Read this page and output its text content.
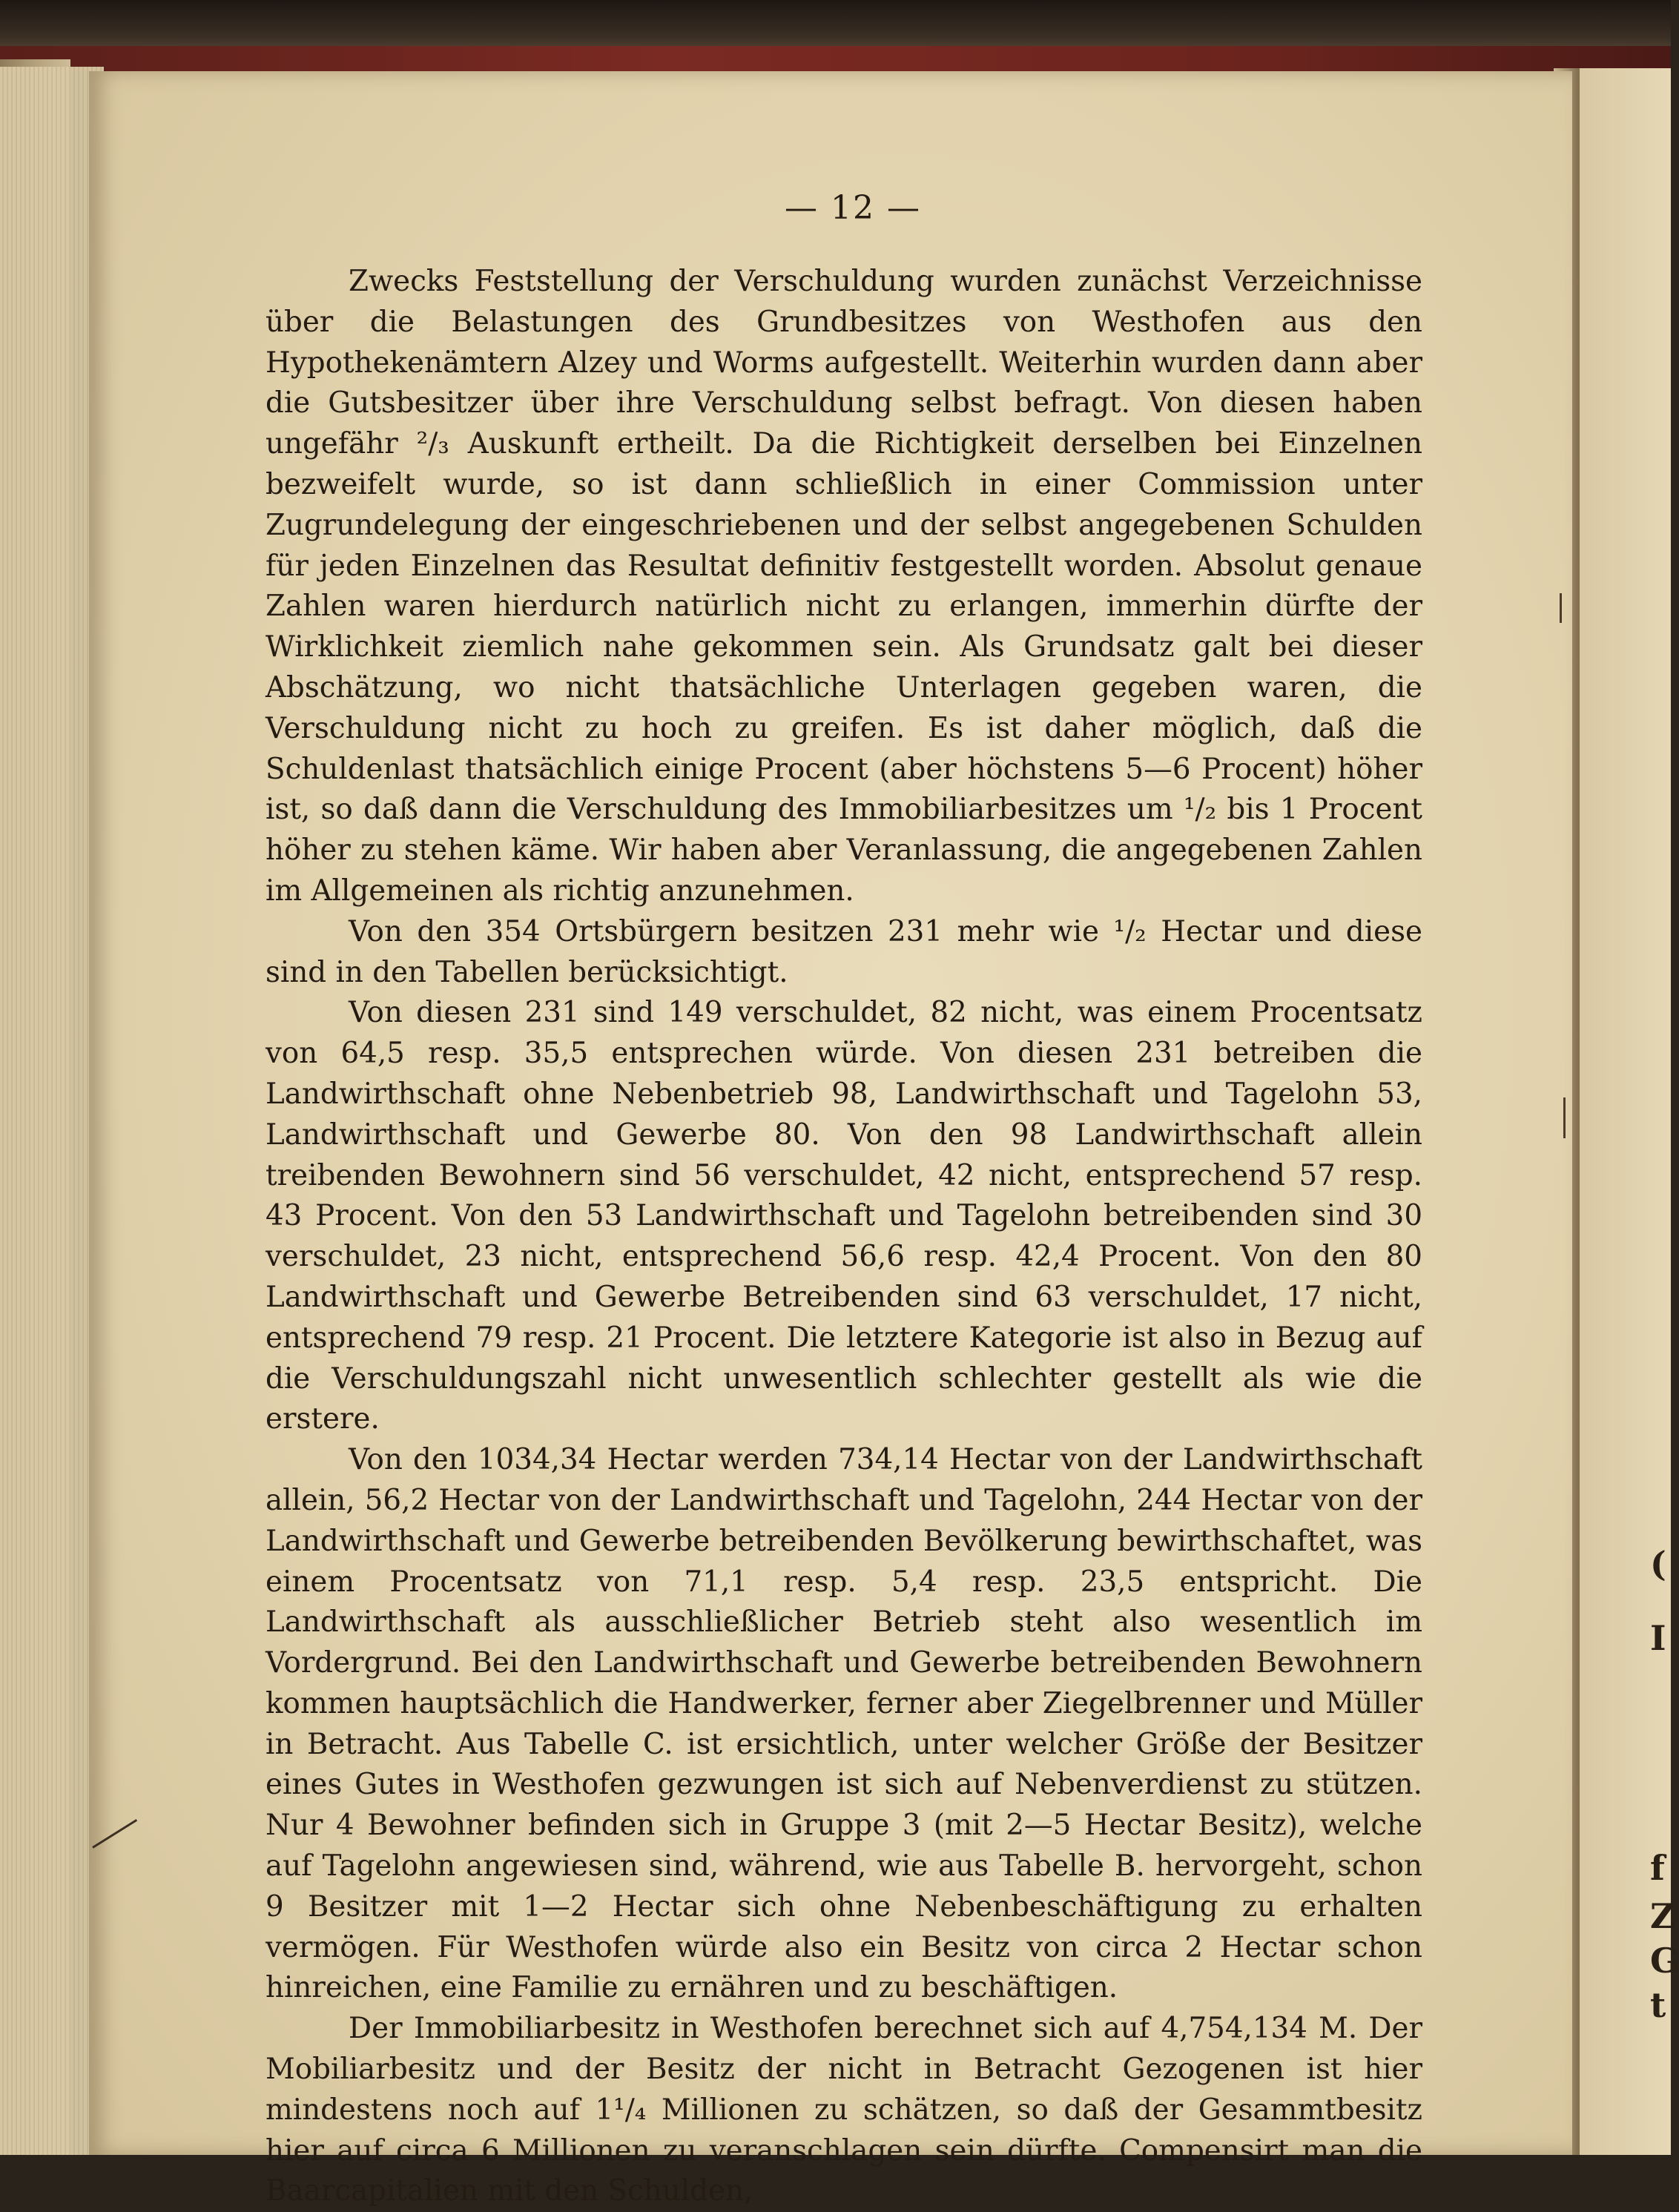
(
I
f
Z
G
t
— 12 —

Zwecks Feststellung der Verschuldung wurden zunächst Verzeichnisse über die Belastungen des Grundbesitzes von Westhofen aus den Hypothekenämtern Alzey und Worms aufgestellt. Weiterhin wurden dann aber die Gutsbesitzer über ihre Verschuldung selbst befragt. Von diesen haben ungefähr ²/₃ Auskunft ertheilt. Da die Richtigkeit derselben bei Einzelnen bezweifelt wurde, so ist dann schließlich in einer Commission unter Zugrundelegung der eingeschriebenen und der selbst angegebenen Schulden für jeden Einzelnen das Resultat definitiv festgestellt worden. Absolut genaue Zahlen waren hierdurch natürlich nicht zu erlangen, immerhin dürfte der Wirklichkeit ziemlich nahe gekommen sein. Als Grundsatz galt bei dieser Abschätzung, wo nicht thatsächliche Unterlagen gegeben waren, die Verschuldung nicht zu hoch zu greifen. Es ist daher möglich, daß die Schuldenlast thatsächlich einige Procent (aber höchstens 5—6 Procent) höher ist, so daß dann die Verschuldung des Immobiliarbesitzes um ¹/₂ bis 1 Procent höher zu stehen käme. Wir haben aber Veranlassung, die angegebenen Zahlen im Allgemeinen als richtig anzunehmen.

Von den 354 Ortsbürgern besitzen 231 mehr wie ¹/₂ Hectar und diese sind in den Tabellen berücksichtigt.

Von diesen 231 sind 149 verschuldet, 82 nicht, was einem Procentsatz von 64,5 resp. 35,5 entsprechen würde. Von diesen 231 betreiben die Landwirthschaft ohne Nebenbetrieb 98, Landwirthschaft und Tagelohn 53, Landwirthschaft und Gewerbe 80. Von den 98 Landwirthschaft allein treibenden Bewohnern sind 56 verschuldet, 42 nicht, entsprechend 57 resp. 43 Procent. Von den 53 Landwirthschaft und Tagelohn betreibenden sind 30 verschuldet, 23 nicht, entsprechend 56,6 resp. 42,4 Procent. Von den 80 Landwirthschaft und Gewerbe Betreibenden sind 63 verschuldet, 17 nicht, entsprechend 79 resp. 21 Procent. Die letztere Kategorie ist also in Bezug auf die Verschuldungszahl nicht unwesentlich schlechter gestellt als wie die erstere.

Von den 1034,34 Hectar werden 734,14 Hectar von der Landwirthschaft allein, 56,2 Hectar von der Landwirthschaft und Tagelohn, 244 Hectar von der Landwirthschaft und Gewerbe betreibenden Bevölkerung bewirthschaftet, was einem Procentsatz von 71,1 resp. 5,4 resp. 23,5 entspricht. Die Landwirthschaft als ausschließlicher Betrieb steht also wesentlich im Vordergrund. Bei den Landwirthschaft und Gewerbe betreibenden Bewohnern kommen hauptsächlich die Handwerker, ferner aber Ziegelbrenner und Müller in Betracht. Aus Tabelle C. ist ersichtlich, unter welcher Größe der Besitzer eines Gutes in Westhofen gezwungen ist sich auf Nebenverdienst zu stützen. Nur 4 Bewohner befinden sich in Gruppe 3 (mit 2—5 Hectar Besitz), welche auf Tagelohn angewiesen sind, während, wie aus Tabelle B. hervorgeht, schon 9 Besitzer mit 1—2 Hectar sich ohne Nebenbeschäftigung zu erhalten vermögen. Für Westhofen würde also ein Besitz von circa 2 Hectar schon hinreichen, eine Familie zu ernähren und zu beschäftigen.

Der Immobiliarbesitz in Westhofen berechnet sich auf 4,754,134 M. Der Mobiliarbesitz und der Besitz der nicht in Betracht Gezogenen ist hier mindestens noch auf 1¹/₄ Millionen zu schätzen, so daß der Gesammtbesitz hier auf circa 6 Millionen zu veranschlagen sein dürfte. Compensirt man die Baarcapitalien mit den Schulden,
